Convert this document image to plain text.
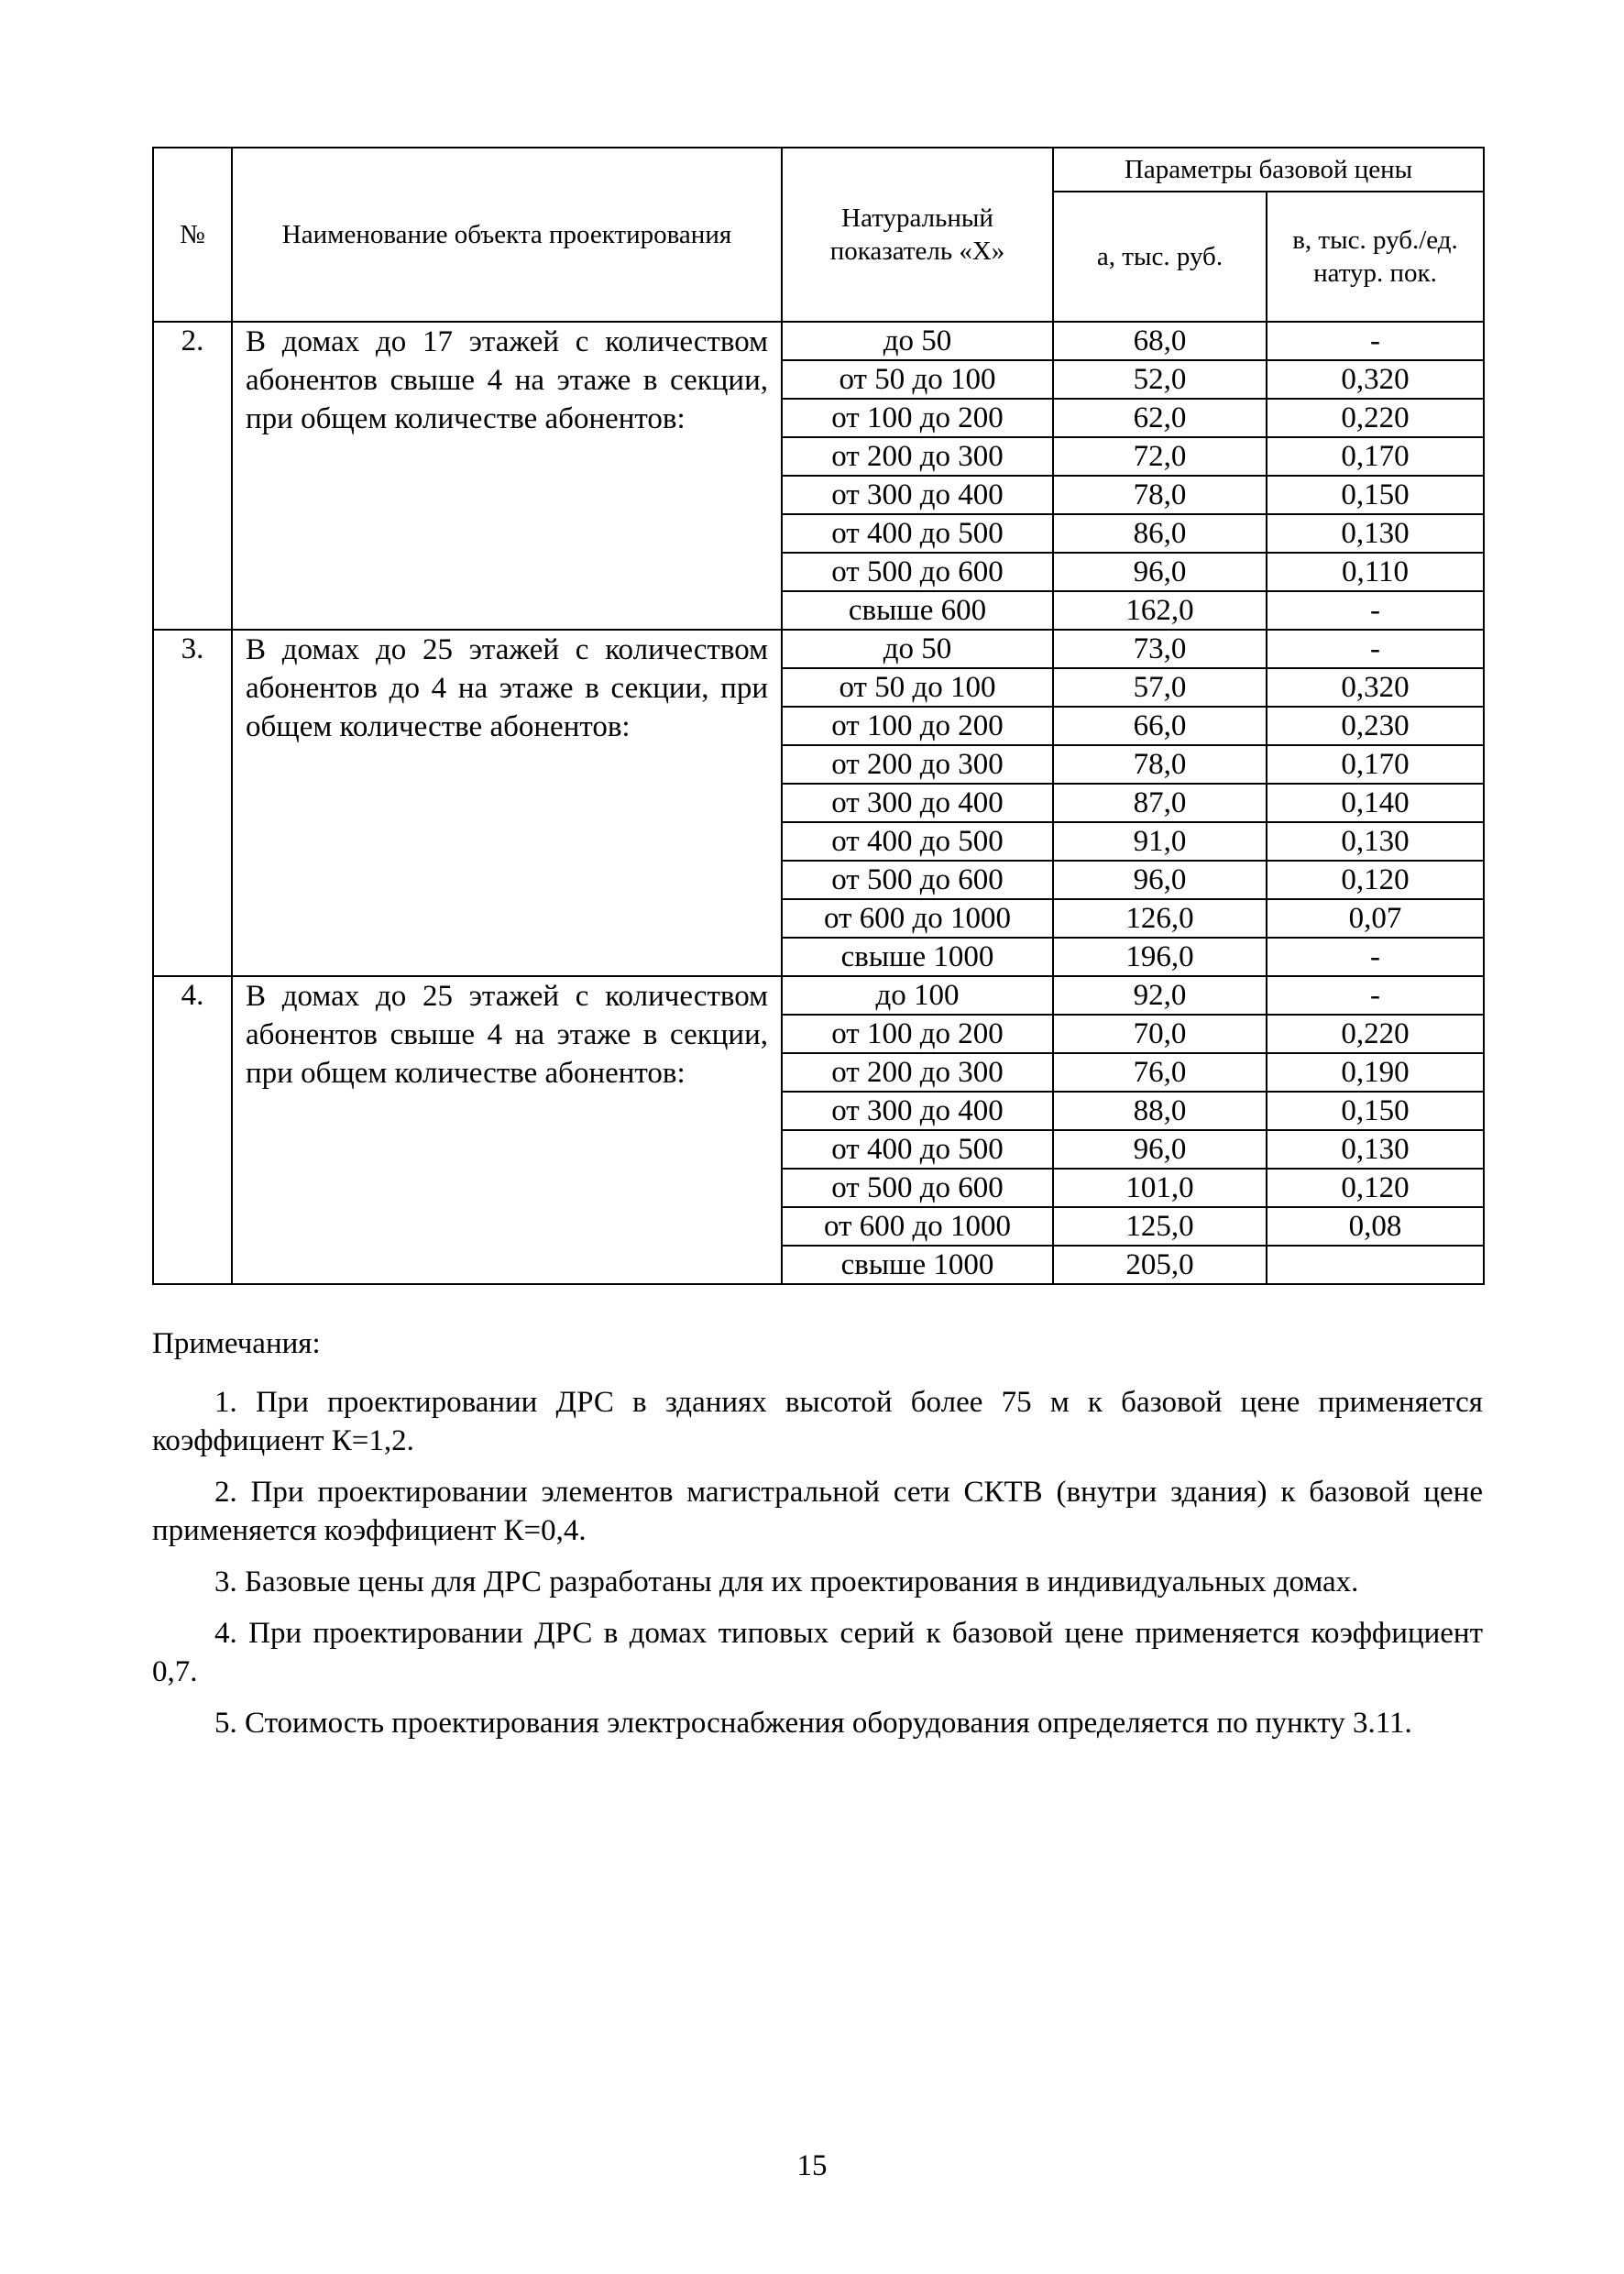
№	Наименование объекта проектирования	Натуральный показатель «Х»	Параметры базовой цены	
			а, тыс. руб.	в, тыс. руб./ед. натур. пок.
2.	В домах до 17 этажей с количеством абонентов свыше 4 на этаже в секции, при общем количестве абонентов:	до 50	68,0	-
		от 50 до 100	52,0	0,320
		от 100 до 200	62,0	0,220
		от 200 до 300	72,0	0,170
		от 300 до 400	78,0	0,150
		от 400 до 500	86,0	0,130
		от 500 до 600	96,0	0,110
		свыше 600	162,0	-
3.	В домах до 25 этажей с количеством абонентов до 4 на этаже в секции, при общем количестве абонентов:	до 50	73,0	-
		от 50 до 100	57,0	0,320
		от 100 до 200	66,0	0,230
		от 200 до 300	78,0	0,170
		от 300 до 400	87,0	0,140
		от 400 до 500	91,0	0,130
		от 500 до 600	96,0	0,120
		от 600 до 1000	126,0	0,07
		свыше 1000	196,0	-
4.	В домах до 25 этажей с количеством абонентов свыше 4 на этаже в секции, при общем количестве абонентов:	до 100	92,0	-
		от 100 до 200	70,0	0,220
		от 200 до 300	76,0	0,190
		от 300 до 400	88,0	0,150
		от 400 до 500	96,0	0,130
		от 500 до 600	101,0	0,120
		от 600 до 1000	125,0	0,08
		свыше 1000	205,0	

Примечания:

1. При проектировании ДРС в зданиях высотой более 75 м к базовой цене применяется коэффициент К=1,2.

2. При проектировании элементов магистральной сети СКТВ (внутри здания) к базовой цене применяется коэффициент К=0,4.

3. Базовые цены для ДРС разработаны для их проектирования в индивидуальных домах.

4. При проектировании ДРС в домах типовых серий к базовой цене применяется коэффициент 0,7.

5. Стоимость проектирования электроснабжения оборудования определяется по пункту 3.11.

15
